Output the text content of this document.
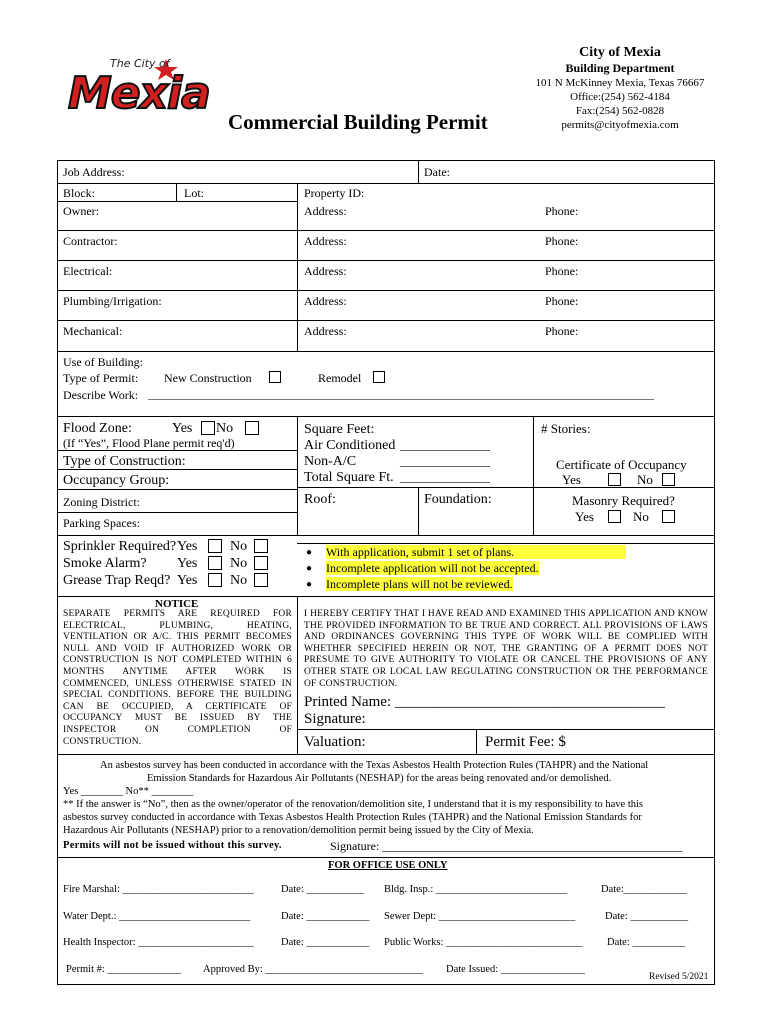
The City of
Mexia
Commercial Building Permit
City of Mexia
Building Department
101 N McKinney Mexia, Texas 76667
Office:(254) 562-4184
Fax:(254) 562-0828
permits@cityofmexia.com
Job Address:	Date:
Block:	Lot:	Property ID:
Owner:	Address:	Phone:
Contractor:	Address:	Phone:
Electrical:	Address:	Phone:
Plumbing/Irrigation:	Address:	Phone:
Mechanical:	Address:	Phone:
Use of Building:
Type of Permit: New Construction	Remodel
Describe Work: ____________________________________________________________________________________________
Flood Zone:	Yes No
(If “Yes”, Flood Plane permit req'd)
Type of Construction:
Occupancy Group:
Zoning District:
Parking Spaces:
Square Feet:
Air Conditioned _______________
Non-A/C	_______________
Total Square Ft. _______________
# Stories:
Certificate of Occupancy
Yes	No
Roof:	Foundation:	Masonry Required?
Yes	No
Sprinkler Required? Yes No
Smoke Alarm? Yes No
Grease Trap Reqd? Yes No
● With application, submit 1 set of plans.
● Incomplete application will not be accepted.
● Incomplete plans will not be reviewed.
NOTICE
SEPARATE PERMITS ARE REQUIRED FOR ELECTRICAL, PLUMBING, HEATING, VENTILATION OR A/C. THIS PERMIT BECOMES NULL AND VOID IF AUTHORIZED WORK OR CONSTRUCTION IS NOT COMPLETED WITHIN 6 MONTHS ANYTIME AFTER WORK IS COMMENCED, UNLESS OTHERWISE STATED IN SPECIAL CONDITIONS. BEFORE THE BUILDING CAN BE OCCUPIED, A CERTIFICATE OF OCCUPANCY MUST BE ISSUED BY THE INSPECTOR ON COMPLETION OF CONSTRUCTION.
I HEREBY CERTIFY THAT I HAVE READ AND EXAMINED THIS APPLICATION AND KNOW THE PROVIDED INFORMATION TO BE TRUE AND CORRECT. ALL PROVISIONS OF LAWS AND ORDINANCES GOVERNING THIS TYPE OF WORK WILL BE COMPLIED WITH WHETHER SPECIFIED HEREIN OR NOT, THE GRANTING OF A PERMIT DOES NOT PRESUME TO GIVE AUTHORITY TO VIOLATE OR CANCEL THE PROVISIONS OF ANY OTHER STATE OR LOCAL LAW REGULATING CONSTRUCTION OR THE PERFORMANCE OF CONSTRUCTION.
Printed Name: ____________________________________
Signature:
Valuation:	Permit Fee: $
An asbestos survey has been conducted in accordance with the Texas Asbestos Health Protection Rules (TAHPR) and the National
Emission Standards for Hazardous Air Pollutants (NESHAP) for the areas being renovated and/or demolished.
Yes ________ No** ________
** If the answer is “No”, then as the owner/operator of the renovation/demolition site, I understand that it is my responsibility to have this
asbestos survey conducted in accordance with Texas Asbestos Health Protection Rules (TAHPR) and the National Emission Standards for
Hazardous Air Pollutants (NESHAP) prior to a renovation/demolition permit being issued by the City of Mexia.
Permits will not be issued without this survey.	Signature: __________________________________________________
FOR OFFICE USE ONLY
Fire Marshal: _________________________	Date: ___________ Bldg. Insp.: _________________________	Date:____________
Water Dept.: _________________________	Date: ____________ Sewer Dept: __________________________	Date: ___________
Health Inspector: ______________________	Date: ____________ Public Works: __________________________ Date: __________
Permit #: ______________ Approved By: ______________________________ Date Issued: ________________
Revised 5/2021
